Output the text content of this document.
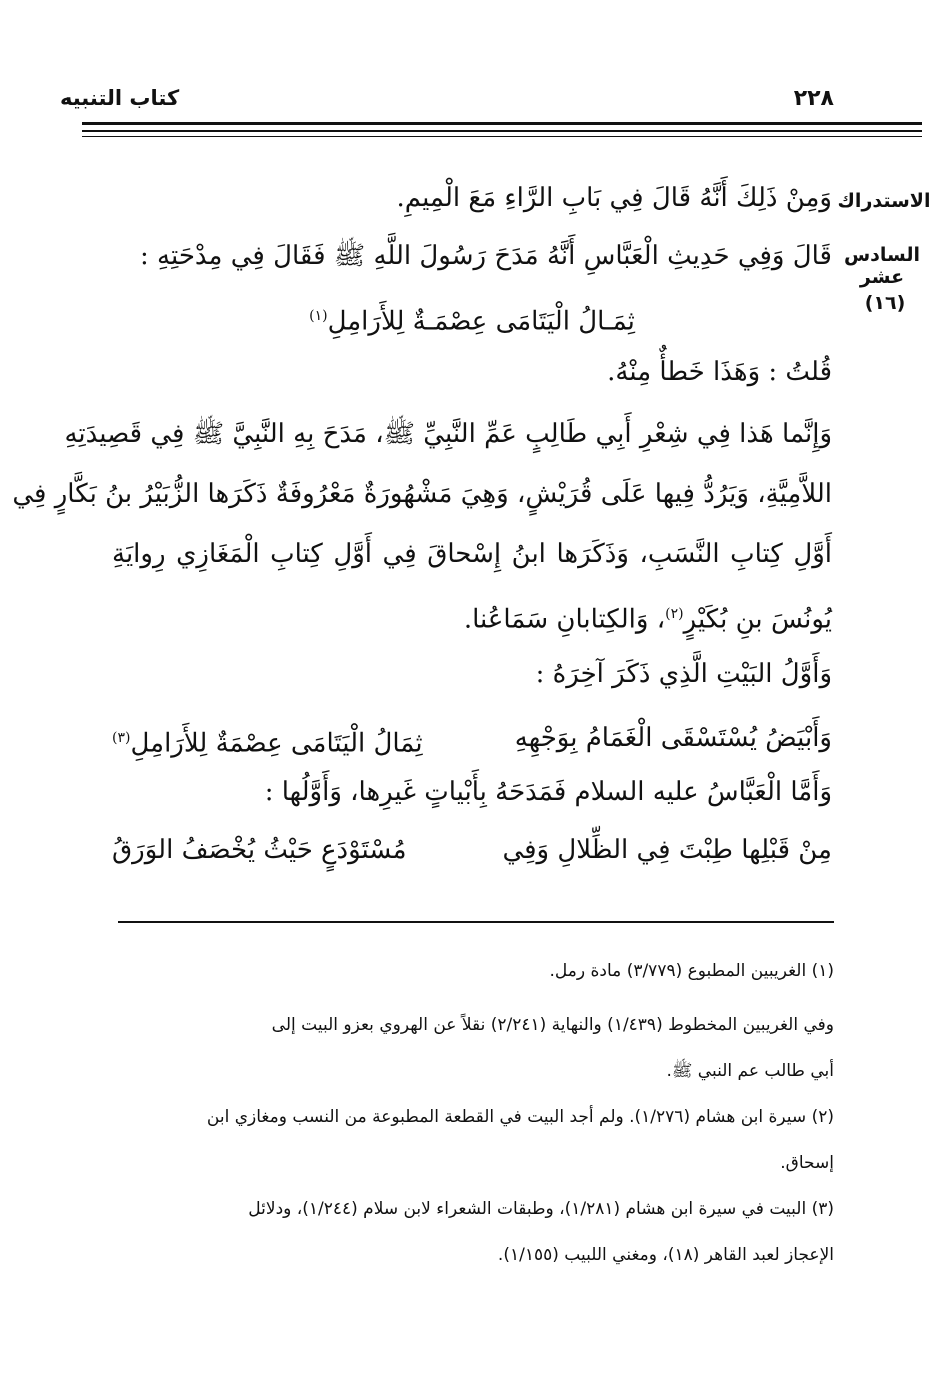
كتاب التنبيه	٢٢٨
الاستدراك
السادس عشر
(١٦)
وَمِنْ ذَلِكَ أَنَّهُ قَالَ فِي بَابِ الرَّاءِ مَعَ الْمِيمِ.
قَالَ وَفِي حَدِيثِ الْعَبَّاسِ أَنَّهُ مَدَحَ رَسُولَ اللَّهِ ﷺ فَقَالَ فِي مِدْحَتِهِ :
ثِمَـالُ الْيَتَامَى عِصْمَـةٌ لِلأَرَامِلِ$^{(١)}$
قُلتُ : وَهَذَا خَطأٌ مِنْهُ.
وَإِنَّما هَذا فِي شِعْرِ أَبِي طَالِبٍ عَمِّ النَّبِيِّ ﷺ، مَدَحَ بِهِ النَّبِيَّ ﷺ فِي قَصِيدَتِهِ
اللاَّمِيَّةِ، وَيَرُدُّ فِيها عَلَى قُرَيْشٍ، وَهِيَ مَشْهُورَةٌ مَعْرُوفَةٌ ذَكَرَها الزُّبَيْرُ بنُ بَكَّارٍ فِي
أَوَّلِ كِتابِ النَّسَبِ، وَذَكَرَها ابنُ إِسْحاقَ فِي أَوَّلِ كِتابِ الْمَغَازِي رِوايَةِ
يُونُسَ بنِ بُكَيْرٍ$^{(٢)}$، وَالكِتابانِ سَمَاعُنا.
وَأَوَّلُ البَيْتِ الَّذِي ذَكَرَ آخِرَهُ :
وَأَبْيَضُ يُسْتَسْقَى الْغَمَامُ بِوَجْهِهِ
ثِمَالُ الْيَتَامَى عِصْمَةٌ لِلأَرَامِلِ$^{(٣)}$
وَأَمَّا الْعَبَّاسُ عليه السلام فَمَدَحَهُ بِأَبْياتٍ غَيرِها، وَأَوَّلُها :
مِنْ قَبْلِها طِبْتَ فِي الظِّلالِ وَفِي
مُسْتَوْدَعٍ حَيْثُ يُخْصَفُ الوَرَقُ
(١) الغريبين المطبوع (٣/٧٧٩) مادة رمل.
وفي الغريبين المخطوط (١/٤٣٩) والنهاية (٢/٢٤١) نقلاً عن الهروي بعزو البيت إلى
أبي طالب عم النبي ﷺ.
(٢) سيرة ابن هشام (١/٢٧٦). ولم أجد البيت في القطعة المطبوعة من النسب ومغازي ابن
إسحاق.
(٣) البيت في سيرة ابن هشام (١/٢٨١)، وطبقات الشعراء لابن سلام (١/٢٤٤)، ودلائل
الإعجاز لعبد القاهر (١٨)، ومغني اللبيب (١/١٥٥).
